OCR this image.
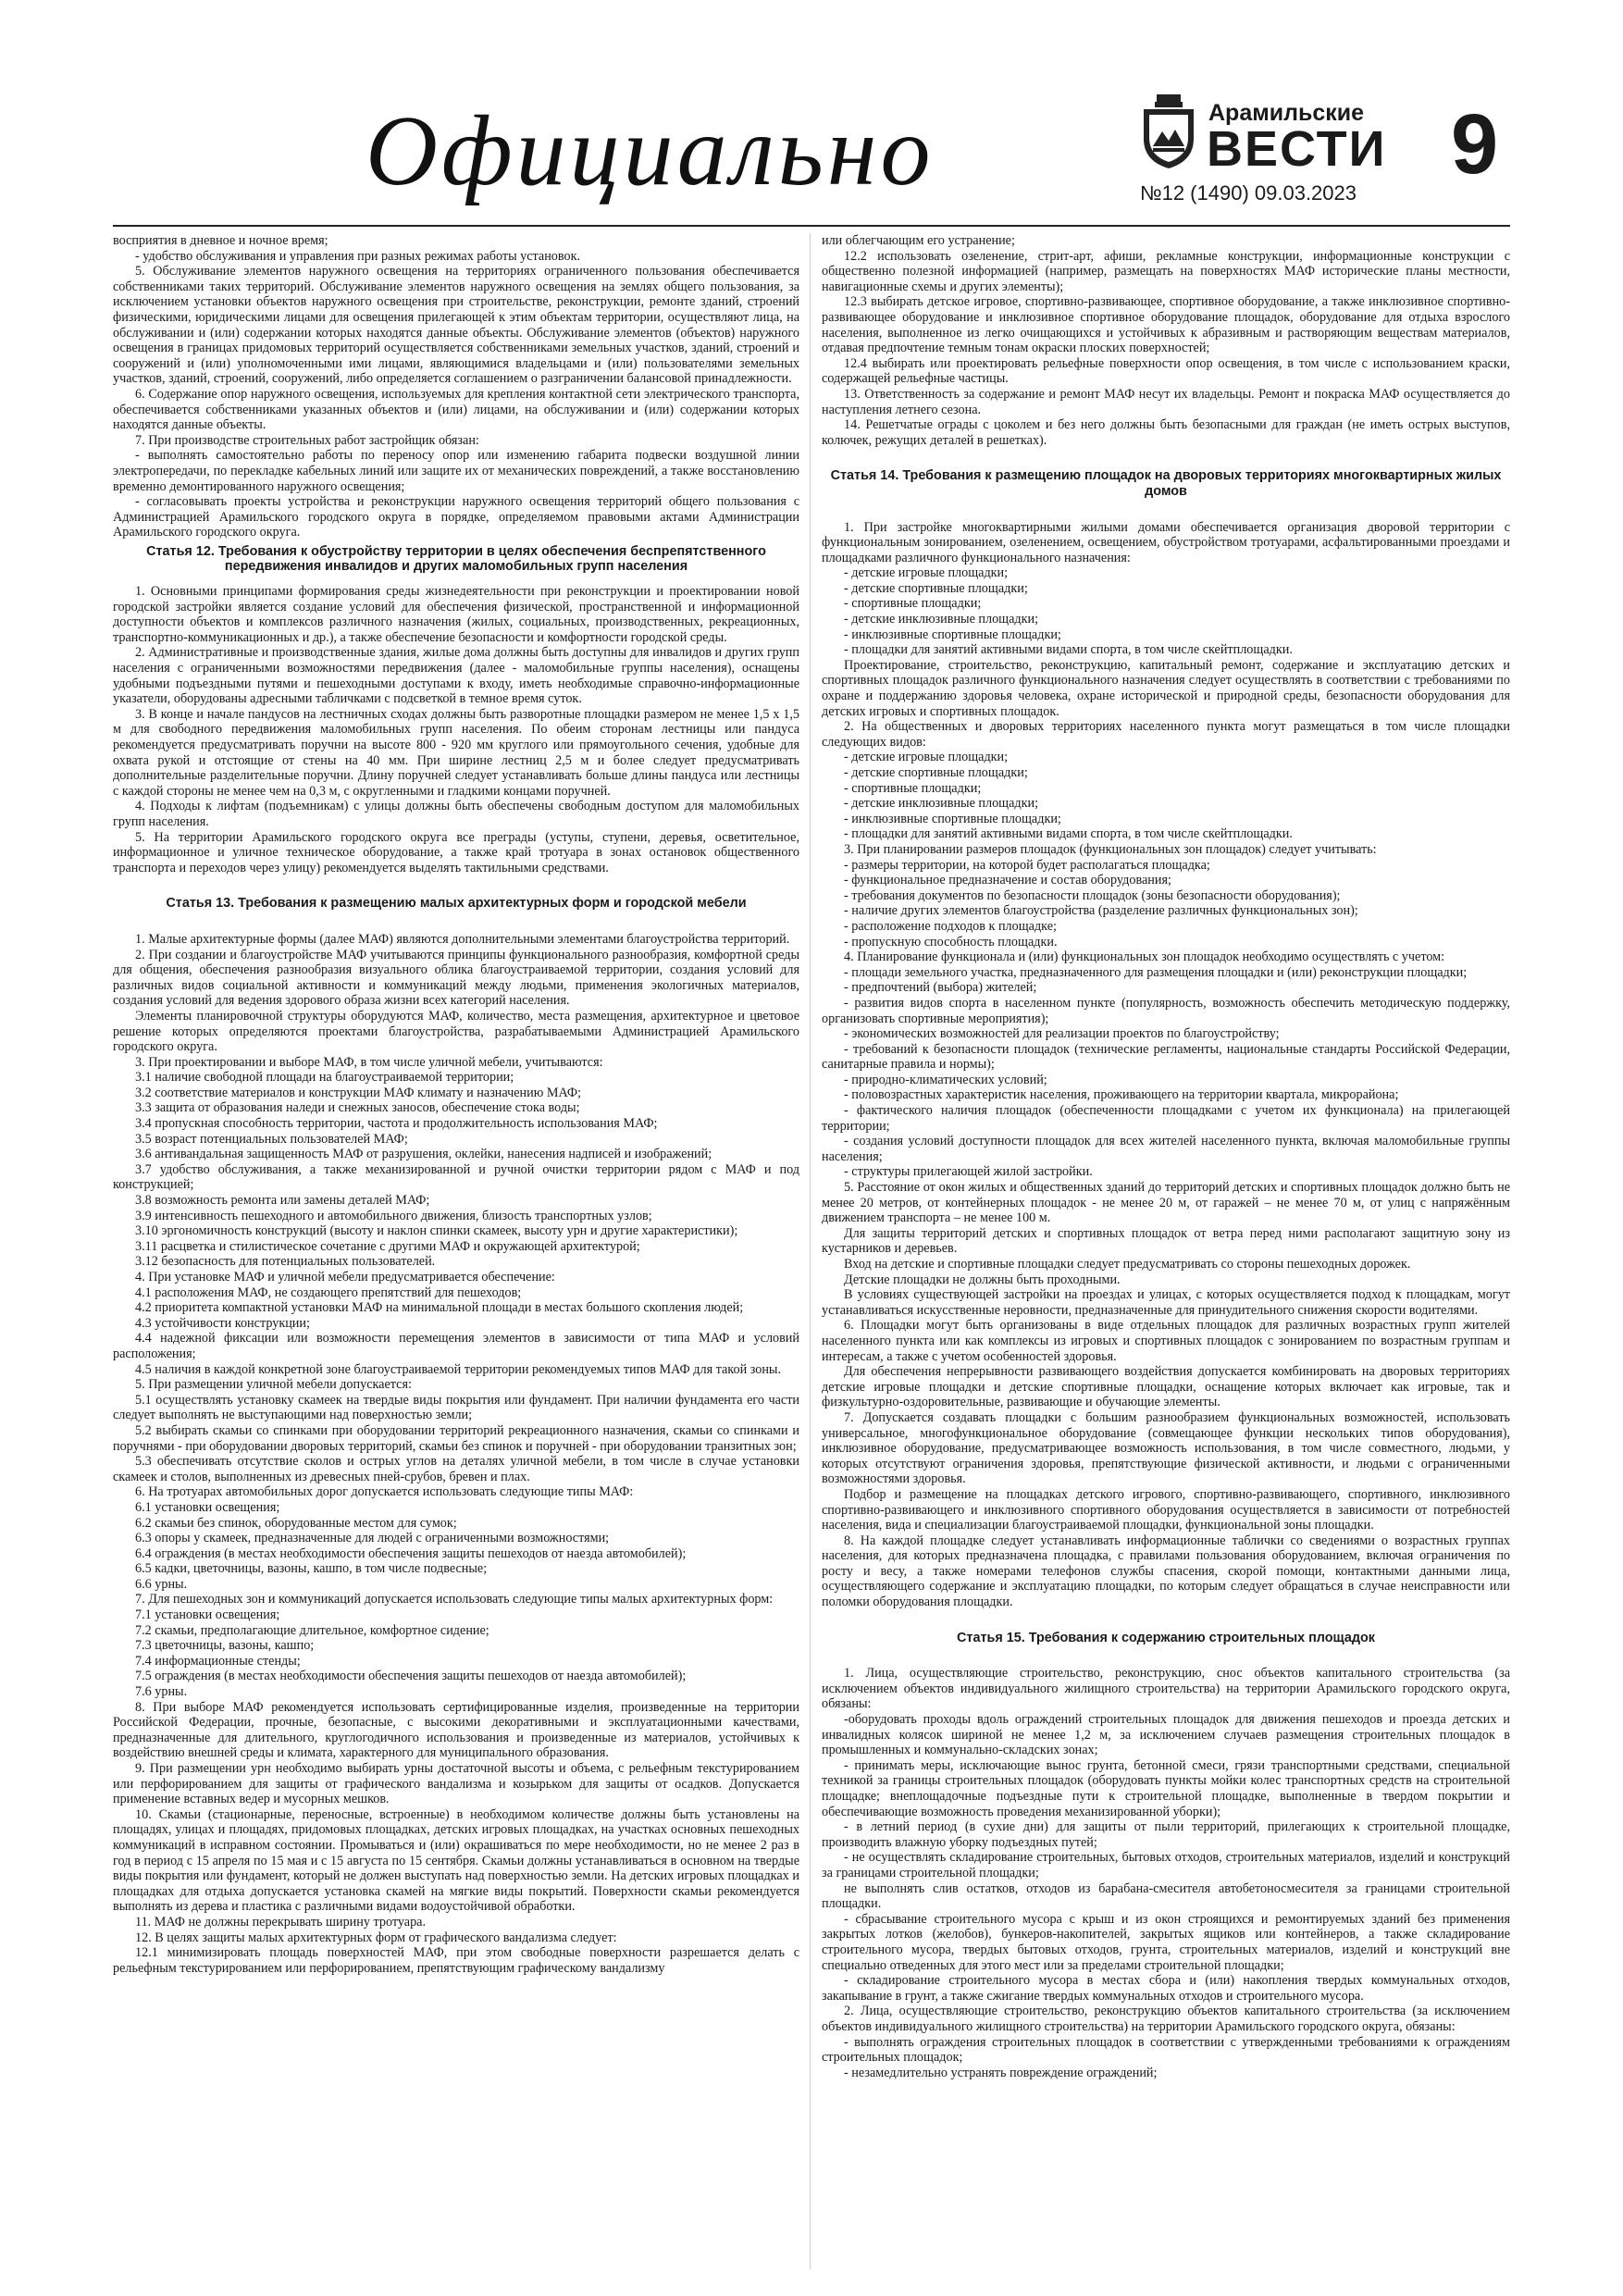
Официально	Арамильские
ВЕСТИ
№12 (1490) 09.03.2023
9

восприятия в дневное и ночное время;

- удобство обслуживания и управления при разных режимах работы установок.

5. Обслуживание элементов наружного освещения на территориях ограниченного пользования обеспечивается собственниками таких территорий. Обслуживание элементов наружного освещения на землях общего пользования, за исключением установки объектов наружного освещения при строительстве, реконструкции, ремонте зданий, строений физическими, юридическими лицами для освещения прилегающей к этим объектам территории, осуществляют лица, на обслуживании и (или) содержании которых находятся данные объекты. Обслуживание элементов (объектов) наружного освещения в границах придомовых территорий осуществляется собственниками земельных участков, зданий, строений и сооружений и (или) уполномоченными ими лицами, являющимися владельцами и (или) пользователями земельных участков, зданий, строений, сооружений, либо определяется соглашением о разграничении балансовой принадлежности.

6. Содержание опор наружного освещения, используемых для крепления контактной сети электрического транспорта, обеспечивается собственниками указанных объектов и (или) лицами, на обслуживании и (или) содержании которых находятся данные объекты.

7. При производстве строительных работ застройщик обязан:

- выполнять самостоятельно работы по переносу опор или изменению габарита подвески воздушной линии электропередачи, по перекладке кабельных линий или защите их от механических повреждений, а также восстановлению временно демонтированного наружного освещения;

- согласовывать проекты устройства и реконструкции наружного освещения территорий общего пользования с Администрацией Арамильского городского округа в порядке, определяемом правовыми актами Администрации Арамильского городского округа.

Статья 12. Требования к обустройству территории в целях обеспечения беспрепятственного передвижения инвалидов и других маломобильных групп населения

1. Основными принципами формирования среды жизнедеятельности при реконструкции и проектировании новой городской застройки является создание условий для обеспечения физической, пространственной и информационной доступности объектов и комплексов различного назначения (жилых, социальных, производственных, рекреационных, транспортно-коммуникационных и др.), а также обеспечение безопасности и комфортности городской среды.

2. Административные и производственные здания, жилые дома должны быть доступны для инвалидов и других групп населения с ограниченными возможностями передвижения (далее - маломобильные группы населения), оснащены удобными подъездными путями и пешеходными доступами к входу, иметь необходимые справочно-информационные указатели, оборудованы адресными табличками с подсветкой в темное время суток.

3. В конце и начале пандусов на лестничных сходах должны быть разворотные площадки размером не менее 1,5 х 1,5 м для свободного передвижения маломобильных групп населения. По обеим сторонам лестницы или пандуса рекомендуется предусматривать поручни на высоте 800 - 920 мм круглого или прямоугольного сечения, удобные для охвата рукой и отстоящие от стены на 40 мм. При ширине лестниц 2,5 м и более следует предусматривать дополнительные разделительные поручни. Длину поручней следует устанавливать больше длины пандуса или лестницы с каждой стороны не менее чем на 0,3 м, с округленными и гладкими концами поручней.

4. Подходы к лифтам (подъемникам) с улицы должны быть обеспечены свободным доступом для маломобильных групп населения.

5. На территории Арамильского городского округа все преграды (уступы, ступени, деревья, осветительное, информационное и уличное техническое оборудование, а также край тротуара в зонах остановок общественного транспорта и переходов через улицу) рекомендуется выделять тактильными средствами.

Статья 13. Требования к размещению малых архитектурных форм и городской мебели

1. Малые архитектурные формы (далее МАФ) являются дополнительными элементами благоустройства территорий.

2. При создании и благоустройстве МАФ учитываются принципы функционального разнообразия, комфортной среды для общения, обеспечения разнообразия визуального облика благоустраиваемой территории, создания условий для различных видов социальной активности и коммуникаций между людьми, применения экологичных материалов, создания условий для ведения здорового образа жизни всех категорий населения.

Элементы планировочной структуры оборудуются МАФ, количество, места размещения, архитектурное и цветовое решение которых определяются проектами благоустройства, разрабатываемыми Администрацией Арамильского городского округа.

3. При проектировании и выборе МАФ, в том числе уличной мебели, учитываются:

3.1 наличие свободной площади на благоустраиваемой территории;

3.2 соответствие материалов и конструкции МАФ климату и назначению МАФ;

3.3 защита от образования наледи и снежных заносов, обеспечение стока воды;

3.4 пропускная способность территории, частота и продолжительность использования МАФ;

3.5 возраст потенциальных пользователей МАФ;

3.6 антивандальная защищенность МАФ от разрушения, оклейки, нанесения надписей и изображений;

3.7 удобство обслуживания, а также механизированной и ручной очистки территории рядом с МАФ и под конструкцией;

3.8 возможность ремонта или замены деталей МАФ;

3.9 интенсивность пешеходного и автомобильного движения, близость транспортных узлов;

3.10 эргономичность конструкций (высоту и наклон спинки скамеек, высоту урн и другие характеристики);

3.11 расцветка и стилистическое сочетание с другими МАФ и окружающей архитектурой;

3.12 безопасность для потенциальных пользователей.

4. При установке МАФ и уличной мебели предусматривается обеспечение:

4.1 расположения МАФ, не создающего препятствий для пешеходов;

4.2 приоритета компактной установки МАФ на минимальной площади в местах большого скопления людей;

4.3 устойчивости конструкции;

4.4 надежной фиксации или возможности перемещения элементов в зависимости от типа МАФ и условий расположения;

4.5 наличия в каждой конкретной зоне благоустраиваемой территории рекомендуемых типов МАФ для такой зоны.

5. При размещении уличной мебели допускается:

5.1 осуществлять установку скамеек на твердые виды покрытия или фундамент. При наличии фундамента его части следует выполнять не выступающими над поверхностью земли;

5.2 выбирать скамьи со спинками при оборудовании территорий рекреационного назначения, скамьи со спинками и поручнями - при оборудовании дворовых территорий, скамьи без спинок и поручней - при оборудовании транзитных зон;

5.3 обеспечивать отсутствие сколов и острых углов на деталях уличной мебели, в том числе в случае установки скамеек и столов, выполненных из древесных пней-срубов, бревен и плах.

6. На тротуарах автомобильных дорог допускается использовать следующие типы МАФ:

6.1 установки освещения;

6.2 скамьи без спинок, оборудованные местом для сумок;

6.3 опоры у скамеек, предназначенные для людей с ограниченными возможностями;

6.4 ограждения (в местах необходимости обеспечения защиты пешеходов от наезда автомобилей);

6.5 кадки, цветочницы, вазоны, кашпо, в том числе подвесные;

6.6 урны.

7. Для пешеходных зон и коммуникаций допускается использовать следующие типы малых архитектурных форм:

7.1 установки освещения;

7.2 скамьи, предполагающие длительное, комфортное сидение;

7.3 цветочницы, вазоны, кашпо;

7.4 информационные стенды;

7.5 ограждения (в местах необходимости обеспечения защиты пешеходов от наезда автомобилей);

7.6 урны.

8. При выборе МАФ рекомендуется использовать сертифицированные изделия, произведенные на территории Российской Федерации, прочные, безопасные, с высокими декоративными и эксплуатационными качествами, предназначенные для длительного, круглогодичного использования и произведенные из материалов, устойчивых к воздействию внешней среды и климата, характерного для муниципального образования.

9. При размещении урн необходимо выбирать урны достаточной высоты и объема, с рельефным текстурированием или перфорированием для защиты от графического вандализма и козырьком для защиты от осадков. Допускается применение вставных ведер и мусорных мешков.

10. Скамьи (стационарные, переносные, встроенные) в необходимом количестве должны быть установлены на площадях, улицах и площадях, придомовых площадках, детских игровых площадках, на участках основных пешеходных коммуникаций в исправном состоянии. Промываться и (или) окрашиваться по мере необходимости, но не менее 2 раз в год в период с 15 апреля по 15 мая и с 15 августа по 15 сентября. Скамьи должны устанавливаться в основном на твердые виды покрытия или фундамент, который не должен выступать над поверхностью земли. На детских игровых площадках и площадках для отдыха допускается установка скамей на мягкие виды покрытий. Поверхности скамьи рекомендуется выполнять из дерева и пластика с различными видами водоустойчивой обработки.

11. МАФ не должны перекрывать ширину тротуара.

12. В целях защиты малых архитектурных форм от графического вандализма следует:

12.1 минимизировать площадь поверхностей МАФ, при этом свободные поверхности разрешается делать с рельефным текстурированием или перфорированием, препятствующим графическому вандализму

или облегчающим его устранение;

12.2 использовать озеленение, стрит-арт, афиши, рекламные конструкции, информационные конструкции с общественно полезной информацией (например, размещать на поверхностях МАФ исторические планы местности, навигационные схемы и других элементы);

12.3 выбирать детское игровое, спортивно-развивающее, спортивное оборудование, а также инклюзивное спортивно-развивающее оборудование и инклюзивное спортивное оборудование площадок, оборудование для отдыха взрослого населения, выполненное из легко очищающихся и устойчивых к абразивным и растворяющим веществам материалов, отдавая предпочтение темным тонам окраски плоских поверхностей;

12.4 выбирать или проектировать рельефные поверхности опор освещения, в том числе с использованием краски, содержащей рельефные частицы.

13. Ответственность за содержание и ремонт МАФ несут их владельцы. Ремонт и покраска МАФ осуществляется до наступления летнего сезона.

14. Решетчатые ограды с цоколем и без него должны быть безопасными для граждан (не иметь острых выступов, колючек, режущих деталей в решетках).

Статья 14. Требования к размещению площадок на дворовых территориях многоквартирных жилых домов

1. При застройке многоквартирными жилыми домами обеспечивается организация дворовой территории с функциональным зонированием, озеленением, освещением, обустройством тротуарами, асфальтированными проездами и площадками различного функционального назначения:

- детские игровые площадки;

- детские спортивные площадки;

- спортивные площадки;

- детские инклюзивные площадки;

- инклюзивные спортивные площадки;

- площадки для занятий активными видами спорта, в том числе скейтплощадки.

Проектирование, строительство, реконструкцию, капитальный ремонт, содержание и эксплуатацию детских и спортивных площадок различного функционального назначения следует осуществлять в соответствии с требованиями по охране и поддержанию здоровья человека, охране исторической и природной среды, безопасности оборудования для детских игровых и спортивных площадок.

2. На общественных и дворовых территориях населенного пункта могут размещаться в том числе площадки следующих видов:

- детские игровые площадки;

- детские спортивные площадки;

- спортивные площадки;

- детские инклюзивные площадки;

- инклюзивные спортивные площадки;

- площадки для занятий активными видами спорта, в том числе скейтплощадки.

3. При планировании размеров площадок (функциональных зон площадок) следует учитывать:

- размеры территории, на которой будет располагаться площадка;

- функциональное предназначение и состав оборудования;

- требования документов по безопасности площадок (зоны безопасности оборудования);

- наличие других элементов благоустройства (разделение различных функциональных зон);

- расположение подходов к площадке;

- пропускную способность площадки.

4. Планирование функционала и (или) функциональных зон площадок необходимо осуществлять с учетом:

- площади земельного участка, предназначенного для размещения площадки и (или) реконструкции площадки;

- предпочтений (выбора) жителей;

- развития видов спорта в населенном пункте (популярность, возможность обеспечить методическую поддержку, организовать спортивные мероприятия);

- экономических возможностей для реализации проектов по благоустройству;

- требований к безопасности площадок (технические регламенты, национальные стандарты Российской Федерации, санитарные правила и нормы);

- природно-климатических условий;

- половозрастных характеристик населения, проживающего на территории квартала, микрорайона;

- фактического наличия площадок (обеспеченности площадками с учетом их функционала) на прилегающей территории;

- создания условий доступности площадок для всех жителей населенного пункта, включая маломобильные группы населения;

- структуры прилегающей жилой застройки.

5. Расстояние от окон жилых и общественных зданий до территорий детских и спортивных площадок должно быть не менее 20 метров, от контейнерных площадок - не менее 20 м, от гаражей – не менее 70 м, от улиц с напряжённым движением транспорта – не менее 100 м.

Для защиты территорий детских и спортивных площадок от ветра перед ними располагают защитную зону из кустарников и деревьев.

Вход на детские и спортивные площадки следует предусматривать со стороны пешеходных дорожек.

Детские площадки не должны быть проходными.

В условиях существующей застройки на проездах и улицах, с которых осуществляется подход к площадкам, могут устанавливаться искусственные неровности, предназначенные для принудительного снижения скорости водителями.

6. Площадки могут быть организованы в виде отдельных площадок для различных возрастных групп жителей населенного пункта или как комплексы из игровых и спортивных площадок с зонированием по возрастным группам и интересам, а также с учетом особенностей здоровья.

Для обеспечения непрерывности развивающего воздействия допускается комбинировать на дворовых территориях детские игровые площадки и детские спортивные площадки, оснащение которых включает как игровые, так и физкультурно-оздоровительные, развивающие и обучающие элементы.

7. Допускается создавать площадки с большим разнообразием функциональных возможностей, использовать универсальное, многофункциональное оборудование (совмещающее функции нескольких типов оборудования), инклюзивное оборудование, предусматривающее возможность использования, в том числе совместного, людьми, у которых отсутствуют ограничения здоровья, препятствующие физической активности, и людьми с ограниченными возможностями здоровья.

Подбор и размещение на площадках детского игрового, спортивно-развивающего, спортивного, инклюзивного спортивно-развивающего и инклюзивного спортивного оборудования осуществляется в зависимости от потребностей населения, вида и специализации благоустраиваемой площадки, функциональной зоны площадки.

8. На каждой площадке следует устанавливать информационные таблички со сведениями о возрастных группах населения, для которых предназначена площадка, с правилами пользования оборудованием, включая ограничения по росту и весу, а также номерами телефонов службы спасения, скорой помощи, контактными данными лица, осуществляющего содержание и эксплуатацию площадки, по которым следует обращаться в случае неисправности или поломки оборудования площадки.

Статья 15. Требования к содержанию строительных площадок

1. Лица, осуществляющие строительство, реконструкцию, снос объектов капитального строительства (за исключением объектов индивидуального жилищного строительства) на территории Арамильского городского округа, обязаны:

-оборудовать проходы вдоль ограждений строительных площадок для движения пешеходов и проезда детских и инвалидных колясок шириной не менее 1,2 м, за исключением случаев размещения строительных площадок в промышленных и коммунально-складских зонах;

- принимать меры, исключающие вынос грунта, бетонной смеси, грязи транспортными средствами, специальной техникой за границы строительных площадок (оборудовать пункты мойки колес транспортных средств на строительной площадке; внеплощадочные подъездные пути к строительной площадке, выполненные в твердом покрытии и обеспечивающие возможность проведения механизированной уборки);

- в летний период (в сухие дни) для защиты от пыли территорий, прилегающих к строительной площадке, производить влажную уборку подъездных путей;

- не осуществлять складирование строительных, бытовых отходов, строительных материалов, изделий и конструкций за границами строительной площадки;

не выполнять слив остатков, отходов из барабана-смесителя автобетоносмесителя за границами строительной площадки.

- сбрасывание строительного мусора с крыш и из окон строящихся и ремонтируемых зданий без применения закрытых лотков (желобов), бункеров-накопителей, закрытых ящиков или контейнеров, а также складирование строительного мусора, твердых бытовых отходов, грунта, строительных материалов, изделий и конструкций вне специально отведенных для этого мест или за пределами строительной площадки;

- складирование строительного мусора в местах сбора и (или) накопления твердых коммунальных отходов, закапывание в грунт, а также сжигание твердых коммунальных отходов и строительного мусора.

2. Лица, осуществляющие строительство, реконструкцию объектов капитального строительства (за исключением объектов индивидуального жилищного строительства) на территории Арамильского городского округа, обязаны:

- выполнять ограждения строительных площадок в соответствии с утвержденными требованиями к ограждениям строительных площадок;

- незамедлительно устранять повреждение ограждений;
